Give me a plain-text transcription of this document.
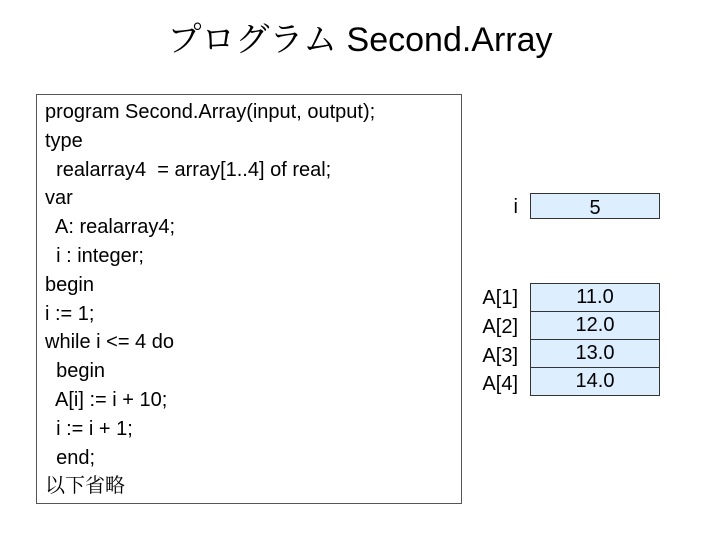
プログラム Second.Array
program Second.Array(input, output);
type
realarray4  = array[1..4] of real;
var
A: realarray4;
i : integer;
begin
i := 1;
while i <= 4 do
begin
A[i] := i + 10;
i := i + 1;
end;
以下省略
i	5
A[1]
A[2]
A[3]
A[4]
11.0
12.0
13.0
14.0
